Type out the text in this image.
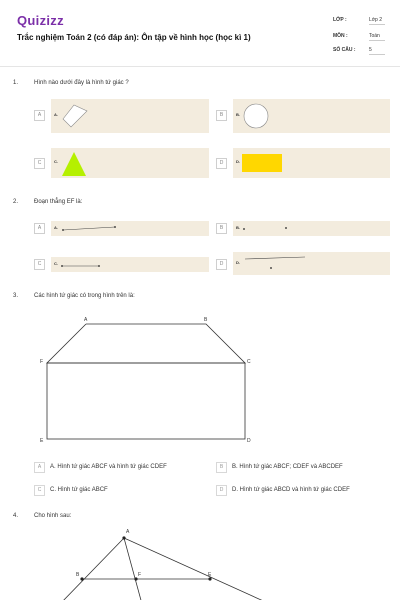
Quizizz
Trắc nghiệm Toán 2 (có đáp án): Ôn tập về hình học (học kì 1)
LỚP :	Lớp 2
MÔN :	Toán
SỐ CÂU :	5
1.	Hình nào dưới đây là hình tứ giác ?
A.
A	B.
B
C.
C	D.
D
2.	Đoạn thẳng EF là:
A.
A	B.
B
C.
C	D.
D
3.	Các hình tứ giác có trong hình trên là:
A	B
C
D
E
F
A	A. Hình tứ giác ABCF và hình tứ giác CDEF	B	B. Hình tứ giác ABCF; CDEF và ABCDEF
C	C. Hình tứ giác ABCF	D	D. Hình tứ giác ABCD và hình tứ giác CDEF
4.	Cho hình sau:
A
B	F	E
